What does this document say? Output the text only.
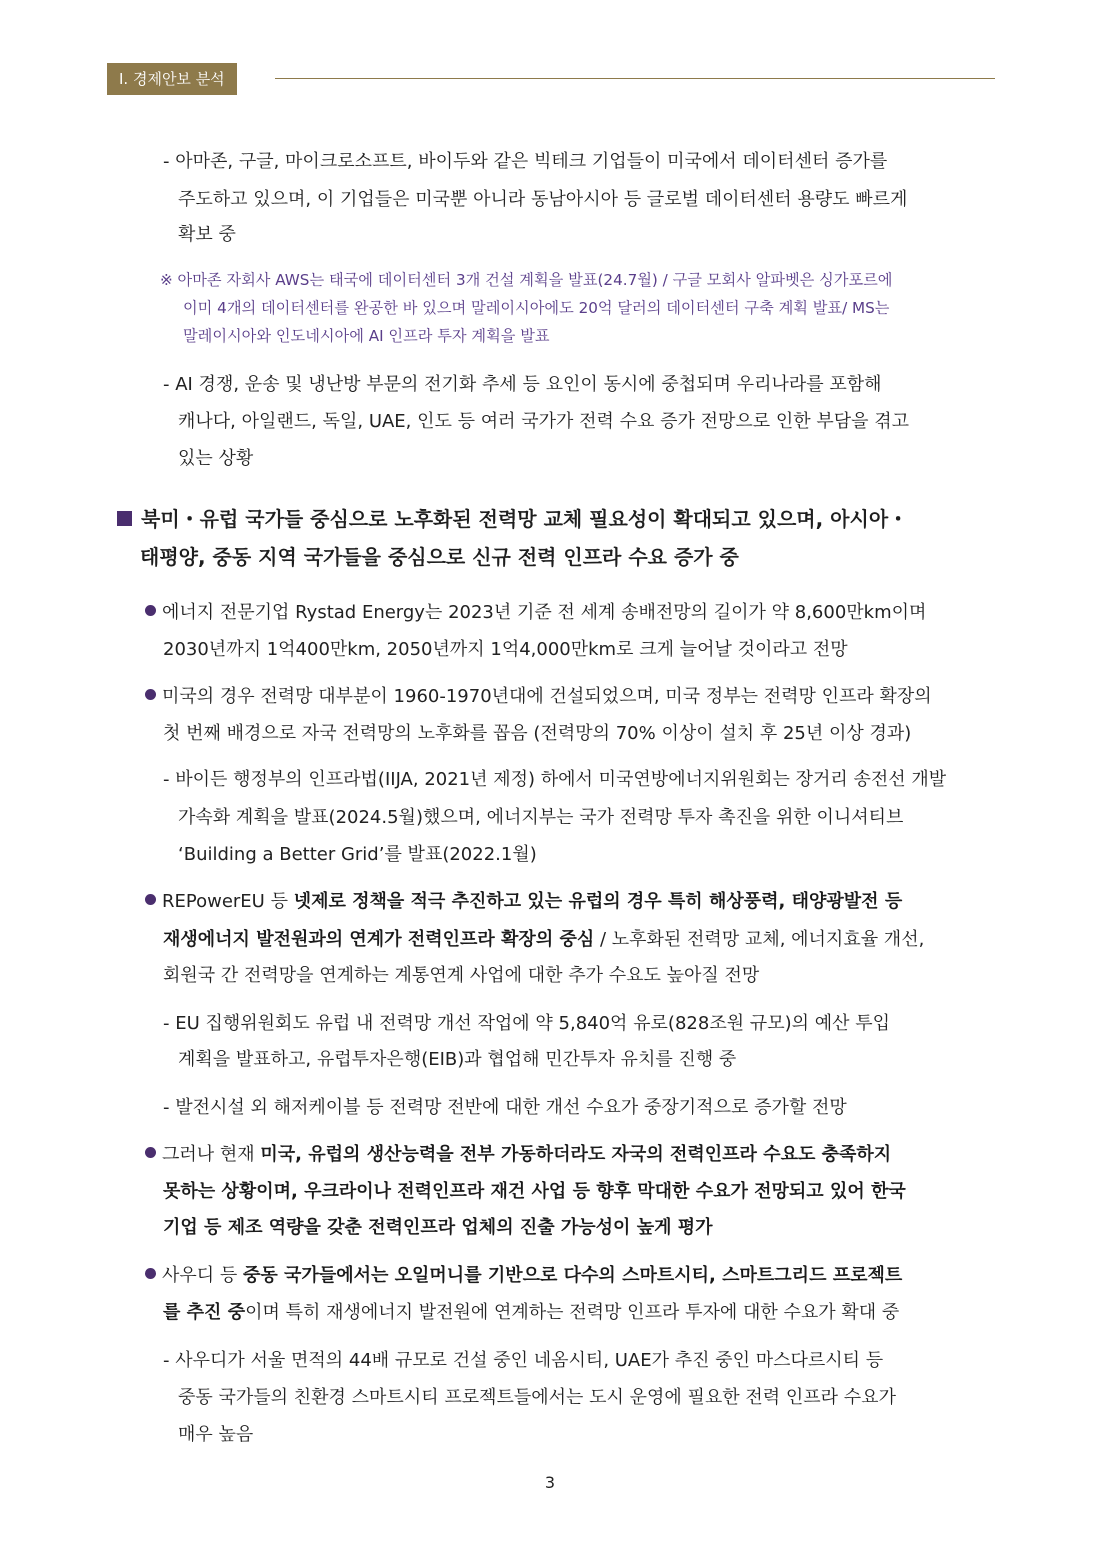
Ⅰ. 경제안보 분석
- 아마존, 구글, 마이크로소프트, 바이두와 같은 빅테크 기업들이 미국에서 데이터센터 증가를
주도하고 있으며, 이 기업들은 미국뿐 아니라 동남아시아 등 글로벌 데이터센터 용량도 빠르게
확보 중
※ 아마존 자회사 AWS는 태국에 데이터센터 3개 건설 계획을 발표(24.7월) / 구글 모회사 알파벳은 싱가포르에
이미 4개의 데이터센터를 완공한 바 있으며 말레이시아에도 20억 달러의 데이터센터 구축 계획 발표/ MS는
말레이시아와 인도네시아에 AI 인프라 투자 계획을 발표
- AI 경쟁, 운송 및 냉난방 부문의 전기화 추세 등 요인이 동시에 중첩되며 우리나라를 포함해
캐나다, 아일랜드, 독일, UAE, 인도 등 여러 국가가 전력 수요 증가 전망으로 인한 부담을 겪고
있는 상황
북미・유럽 국가들 중심으로 노후화된 전력망 교체 필요성이 확대되고 있으며, 아시아・
태평양, 중동 지역 국가들을 중심으로 신규 전력 인프라 수요 증가 중
에너지 전문기업 Rystad Energy는 2023년 기준 전 세계 송배전망의 길이가 약 8,600만km이며
2030년까지 1억400만km, 2050년까지 1억4,000만km로 크게 늘어날 것이라고 전망
미국의 경우 전력망 대부분이 1960-1970년대에 건설되었으며, 미국 정부는 전력망 인프라 확장의
첫 번째 배경으로 자국 전력망의 노후화를 꼽음 (전력망의 70% 이상이 설치 후 25년 이상 경과)
- 바이든 행정부의 인프라법(IIJA, 2021년 제정) 하에서 미국연방에너지위원회는 장거리 송전선 개발
가속화 계획을 발표(2024.5월)했으며, 에너지부는 국가 전력망 투자 촉진을 위한 이니셔티브
‘Building a Better Grid’를 발표(2022.1월)
REPowerEU 등 넷제로 정책을 적극 추진하고 있는 유럽의 경우 특히 해상풍력, 태양광발전 등
재생에너지 발전원과의 연계가 전력인프라 확장의 중심 / 노후화된 전력망 교체, 에너지효율 개선,
회원국 간 전력망을 연계하는 계통연계 사업에 대한 추가 수요도 높아질 전망
- EU 집행위원회도 유럽 내 전력망 개선 작업에 약 5,840억 유로(828조원 규모)의 예산 투입
계획을 발표하고, 유럽투자은행(EIB)과 협업해 민간투자 유치를 진행 중
- 발전시설 외 해저케이블 등 전력망 전반에 대한 개선 수요가 중장기적으로 증가할 전망
그러나 현재 미국, 유럽의 생산능력을 전부 가동하더라도 자국의 전력인프라 수요도 충족하지
못하는 상황이며, 우크라이나 전력인프라 재건 사업 등 향후 막대한 수요가 전망되고 있어 한국
기업 등 제조 역량을 갖춘 전력인프라 업체의 진출 가능성이 높게 평가
사우디 등 중동 국가들에서는 오일머니를 기반으로 다수의 스마트시티, 스마트그리드 프로젝트
를 추진 중이며 특히 재생에너지 발전원에 연계하는 전력망 인프라 투자에 대한 수요가 확대 중
- 사우디가 서울 면적의 44배 규모로 건설 중인 네옴시티, UAE가 추진 중인 마스다르시티 등
중동 국가들의 친환경 스마트시티 프로젝트들에서는 도시 운영에 필요한 전력 인프라 수요가
매우 높음
3
